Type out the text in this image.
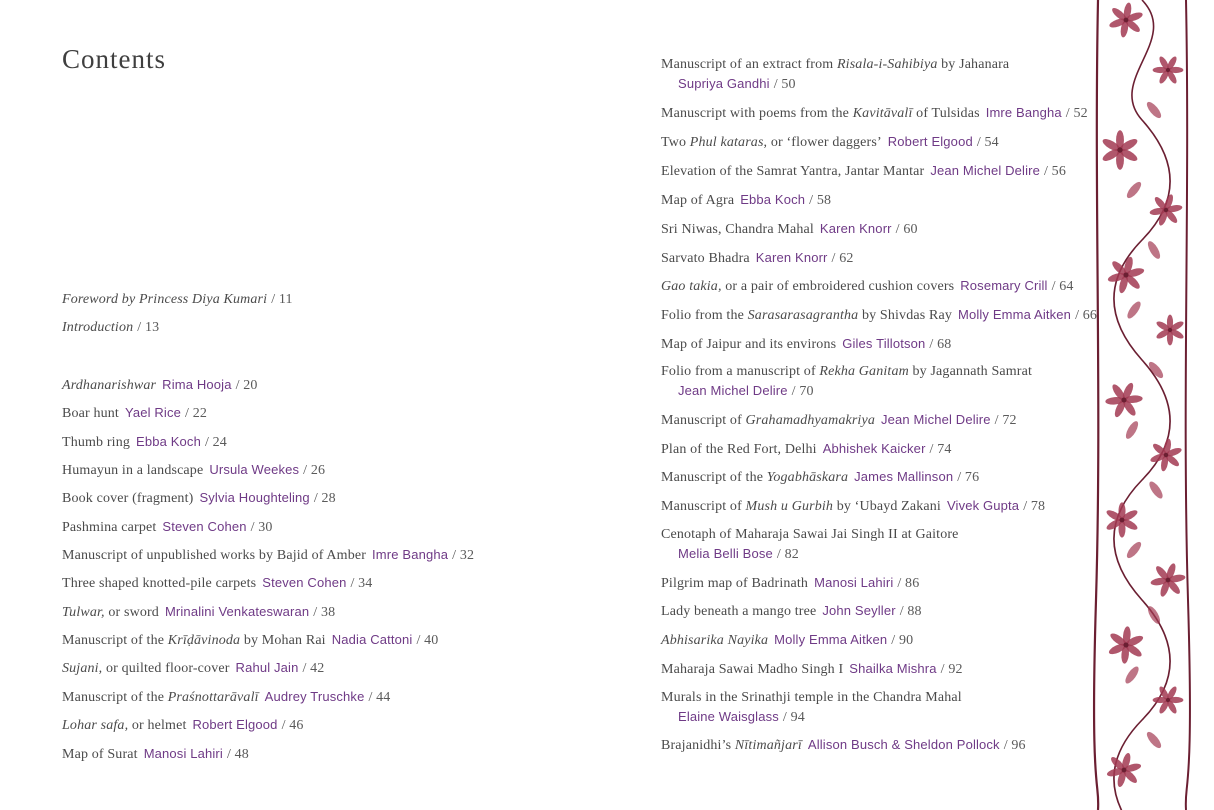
Contents
Foreword by Princess Diya Kumari / 11
Introduction / 13
Ardhanarishwar Rima Hooja / 20
Boar hunt Yael Rice / 22
Thumb ring Ebba Koch / 24
Humayun in a landscape Ursula Weekes / 26
Book cover (fragment) Sylvia Houghteling / 28
Pashmina carpet Steven Cohen / 30
Manuscript of unpublished works by Bajid of Amber Imre Bangha / 32
Three shaped knotted-pile carpets Steven Cohen / 34
Tulwar, or sword Mrinalini Venkateswaran / 38
Manuscript of the Krīḍāvinoda by Mohan Rai Nadia Cattoni / 40
Sujani, or quilted floor-cover Rahul Jain / 42
Manuscript of the Praśnottarāvalī Audrey Truschke / 44
Lohar safa, or helmet Robert Elgood / 46
Map of Surat Manosi Lahiri / 48
Manuscript of an extract from Risala-i-Sahibiya by Jahanara
Supriya Gandhi / 50
Manuscript with poems from the Kavitāvalī of Tulsidas Imre Bangha / 52
Two Phul kataras, or ‘flower daggers’ Robert Elgood / 54
Elevation of the Samrat Yantra, Jantar Mantar Jean Michel Delire / 56
Map of Agra Ebba Koch / 58
Sri Niwas, Chandra Mahal Karen Knorr / 60
Sarvato Bhadra Karen Knorr / 62
Gao takia, or a pair of embroidered cushion covers Rosemary Crill / 64
Folio from the Sarasarasagrantha by Shivdas Ray Molly Emma Aitken / 66
Map of Jaipur and its environs Giles Tillotson / 68
Folio from a manuscript of Rekha Ganitam by Jagannath Samrat
Jean Michel Delire / 70
Manuscript of Grahamadhyamakriya Jean Michel Delire / 72
Plan of the Red Fort, Delhi Abhishek Kaicker / 74
Manuscript of the Yogabhāskara James Mallinson / 76
Manuscript of Mush u Gurbih by ‘Ubayd Zakani Vivek Gupta / 78
Cenotaph of Maharaja Sawai Jai Singh II at Gaitore
Melia Belli Bose / 82
Pilgrim map of Badrinath Manosi Lahiri / 86
Lady beneath a mango tree John Seyller / 88
Abhisarika Nayika Molly Emma Aitken / 90
Maharaja Sawai Madho Singh I Shailka Mishra / 92
Murals in the Srinathji temple in the Chandra Mahal
Elaine Waisglass / 94
Brajanidhi’s Nītimañjarī Allison Busch & Sheldon Pollock / 96
